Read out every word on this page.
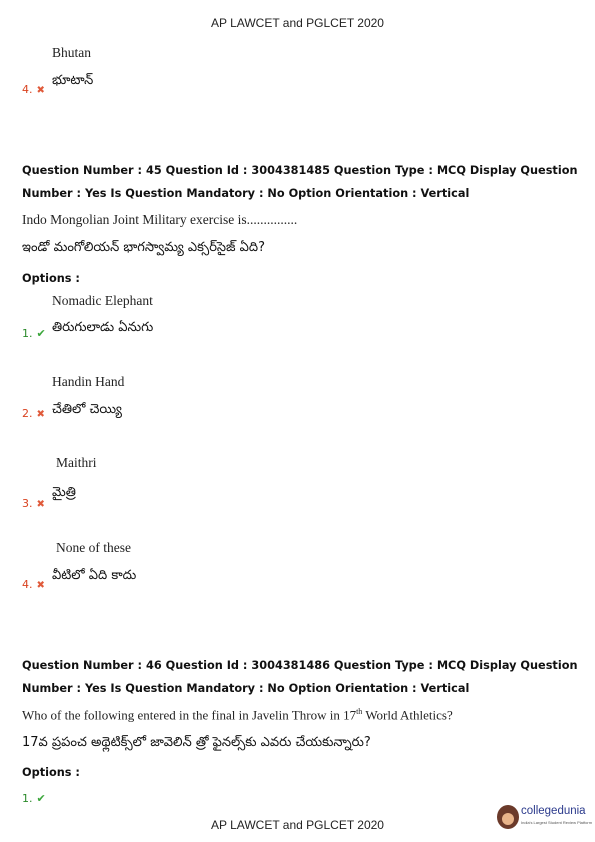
AP LAWCET and PGLCET 2020
Bhutan
4. ✖
భూటాన్
Question Number : 45 Question Id : 3004381485 Question Type : MCQ Display Question
Number : Yes Is Question Mandatory : No Option Orientation : Vertical
Indo Mongolian Joint Military exercise is...............
ఇండో మంగోలియన్ భాగస్వామ్య ఎక్సర్‌సైజ్ ఏది?
Options :
Nomadic Elephant
తిరుగులాడు ఏనుగు
1. ✔
Handin Hand
చేతిలో చెయ్యి
2. ✖
Maithri
మైత్రి
3. ✖
None of these
వీటిలో ఏది కాదు
4. ✖
Question Number : 46 Question Id : 3004381486 Question Type : MCQ Display Question
Number : Yes Is Question Mandatory : No Option Orientation : Vertical
Who of the following entered in the final in Javelin Throw in 17th World Athletics?
17వ ప్రపంచ అథ్లెటిక్స్‌లో జావెలిన్ త్రో ఫైనల్స్‌కు ఎవరు చేయకున్నారు?
Options :
1. ✔
AP LAWCET and PGLCET 2020
collegedunia
India's Largest Student Review Platform
